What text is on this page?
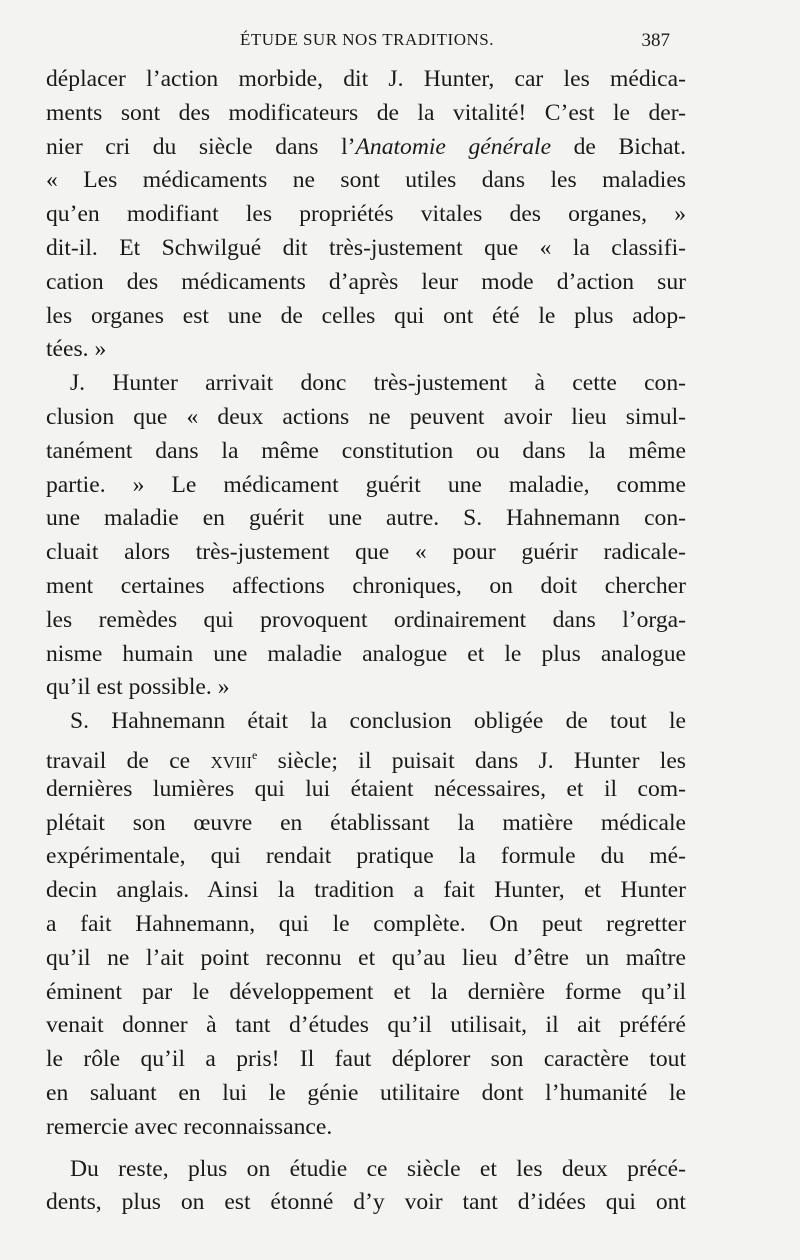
ÉTUDE SUR NOS TRADITIONS.	387
déplacer l’action morbide, dit J. Hunter, car les médica-
ments sont des modificateurs de la vitalité! C’est le der-
nier cri du siècle dans l’Anatomie générale de Bichat.
« Les médicaments ne sont utiles dans les maladies
qu’en modifiant les propriétés vitales des organes, »
dit-il. Et Schwilgué dit très-justement que « la classifi-
cation des médicaments d’après leur mode d’action sur
les organes est une de celles qui ont été le plus adop-
tées. »
J. Hunter arrivait donc très-justement à cette con-
clusion que « deux actions ne peuvent avoir lieu simul-
tanément dans la même constitution ou dans la même
partie. » Le médicament guérit une maladie, comme
une maladie en guérit une autre. S. Hahnemann con-
cluait alors très-justement que « pour guérir radicale-
ment certaines affections chroniques, on doit chercher
les remèdes qui provoquent ordinairement dans l’orga-
nisme humain une maladie analogue et le plus analogue
qu’il est possible. »
S. Hahnemann était la conclusion obligée de tout le
travail de ce xviii$^e$ siècle; il puisait dans J. Hunter les
dernières lumières qui lui étaient nécessaires, et il com-
plétait son œuvre en établissant la matière médicale
expérimentale, qui rendait pratique la formule du mé-
decin anglais. Ainsi la tradition a fait Hunter, et Hunter
a fait Hahnemann, qui le complète. On peut regretter
qu’il ne l’ait point reconnu et qu’au lieu d’être un maître
éminent par le développement et la dernière forme qu’il
venait donner à tant d’études qu’il utilisait, il ait préféré
le rôle qu’il a pris! Il faut déplorer son caractère tout
en saluant en lui le génie utilitaire dont l’humanité le
remercie avec reconnaissance.
Du reste, plus on étudie ce siècle et les deux précé-
dents, plus on est étonné d’y voir tant d’idées qui ont
